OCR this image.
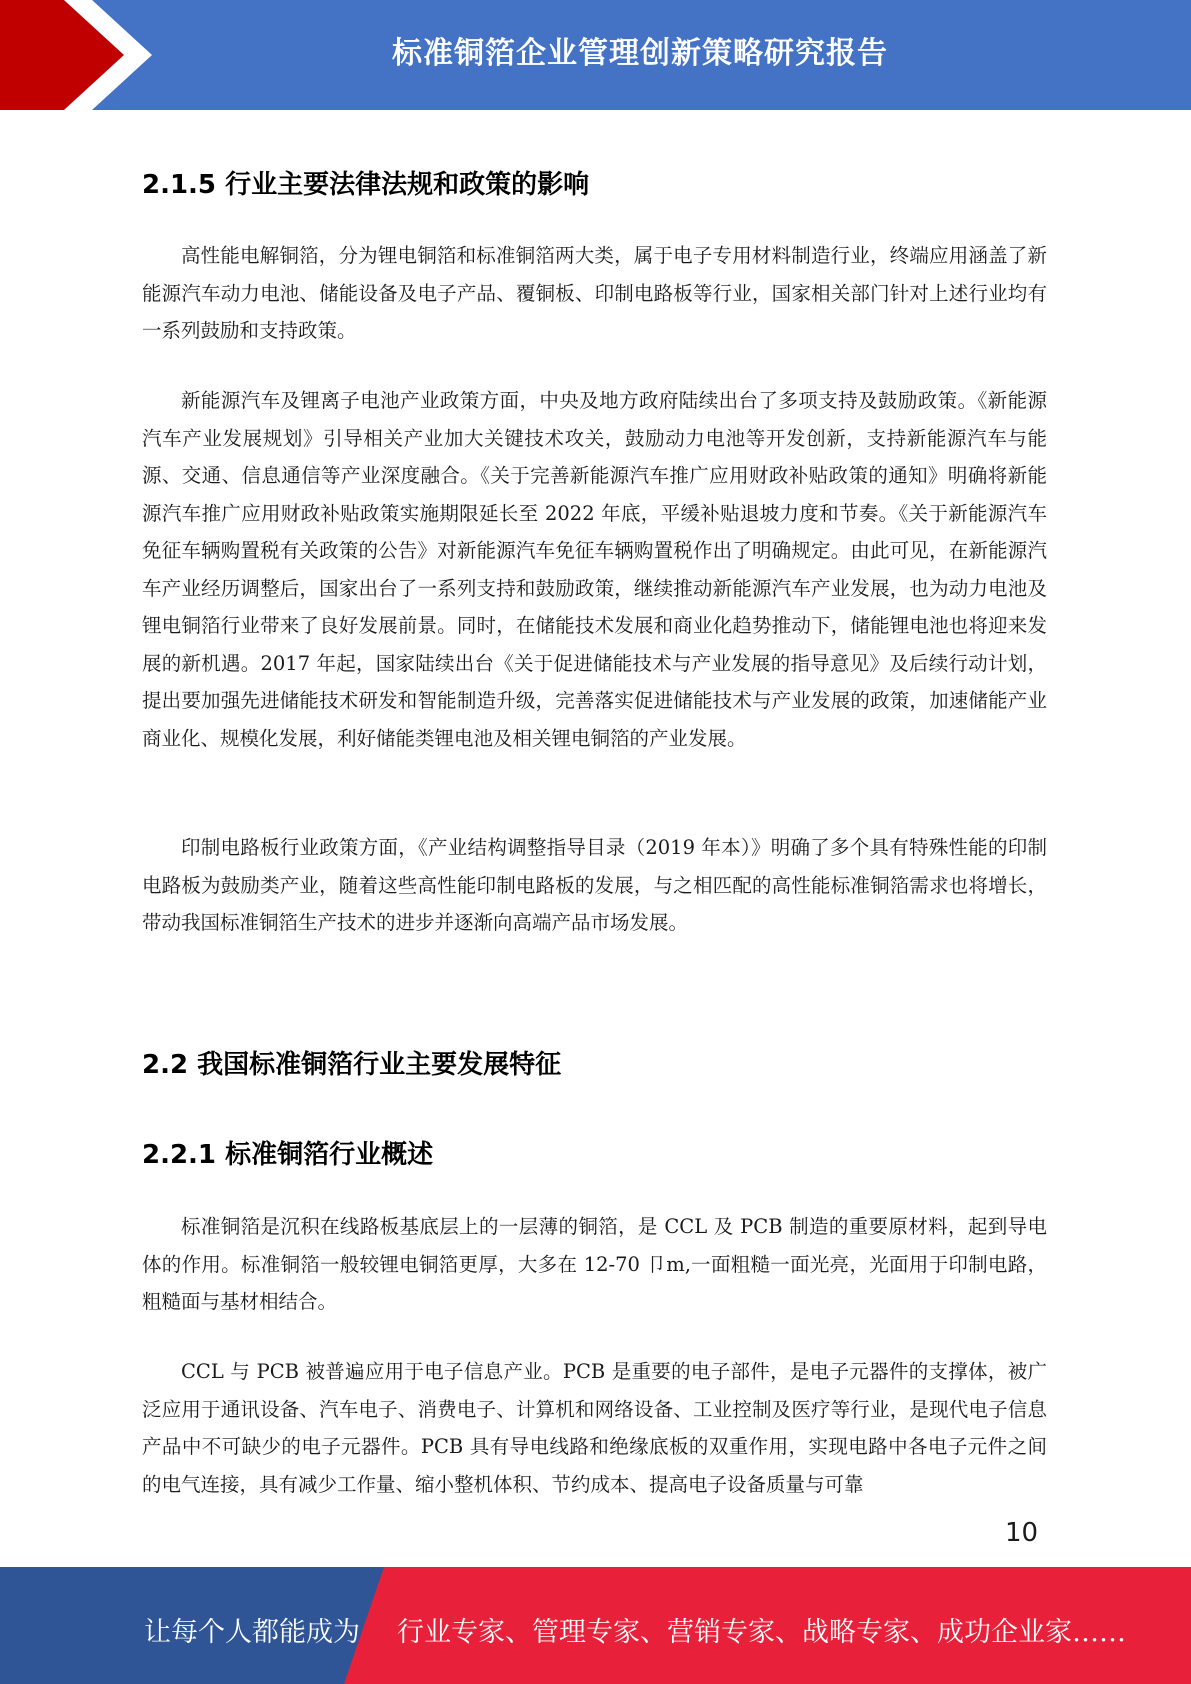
标准铜箔企业管理创新策略研究报告
2.1.5 行业主要法律法规和政策的影响

高性能电解铜箔，分为锂电铜箔和标准铜箔两大类，属于电子专用材料制造行业，终端应用涵盖了新能源汽车动力电池、储能设备及电子产品、覆铜板、印制电路板等行业，国家相关部门针对上述行业均有一系列鼓励和支持政策。

新能源汽车及锂离子电池产业政策方面，中央及地方政府陆续出台了多项支持及鼓励政策。《新能源汽车产业发展规划》引导相关产业加大关键技术攻关，鼓励动力电池等开发创新，支持新能源汽车与能源、交通、信息通信等产业深度融合。《关于完善新能源汽车推广应用财政补贴政策的通知》明确将新能源汽车推广应用财政补贴政策实施期限延长至 2022 年底，平缓补贴退坡力度和节奏。《关于新能源汽车免征车辆购置税有关政策的公告》对新能源汽车免征车辆购置税作出了明确规定。由此可见，在新能源汽车产业经历调整后，国家出台了一系列支持和鼓励政策，继续推动新能源汽车产业发展，也为动力电池及锂电铜箔行业带来了良好发展前景。同时，在储能技术发展和商业化趋势推动下，储能锂电池也将迎来发展的新机遇。2017 年起，国家陆续出台《关于促进储能技术与产业发展的指导意见》及后续行动计划，提出要加强先进储能技术研发和智能制造升级，完善落实促进储能技术与产业发展的政策，加速储能产业商业化、规模化发展，利好储能类锂电池及相关锂电铜箔的产业发展。

印制电路板行业政策方面，《产业结构调整指导目录（2019 年本）》明确了多个具有特殊性能的印制电路板为鼓励类产业，随着这些高性能印制电路板的发展，与之相匹配的高性能标准铜箔需求也将增长，带动我国标准铜箔生产技术的进步并逐渐向高端产品市场发展。

2.2 我国标准铜箔行业主要发展特征
2.2.1 标准铜箔行业概述

标准铜箔是沉积在线路板基底层上的一层薄的铜箔，是 CCL 及 PCB 制造的重要原材料，起到导电体的作用。标准铜箔一般较锂电铜箔更厚，大多在 12-70 卩m,一面粗糙一面光亮，光面用于印制电路，粗糙面与基材相结合。

CCL 与 PCB 被普遍应用于电子信息产业。PCB 是重要的电子部件，是电子元器件的支撑体，被广泛应用于通讯设备、汽车电子、消费电子、计算机和网络设备、工业控制及医疗等行业，是现代电子信息产品中不可缺少的电子元器件。PCB 具有导电线路和绝缘底板的双重作用，实现电路中各电子元件之间的电气连接，具有减少工作量、缩小整机体积、节约成本、提高电子设备质量与可靠

10
让每个人都能成为 行业专家、管理专家、营销专家、战略专家、成功企业家……
